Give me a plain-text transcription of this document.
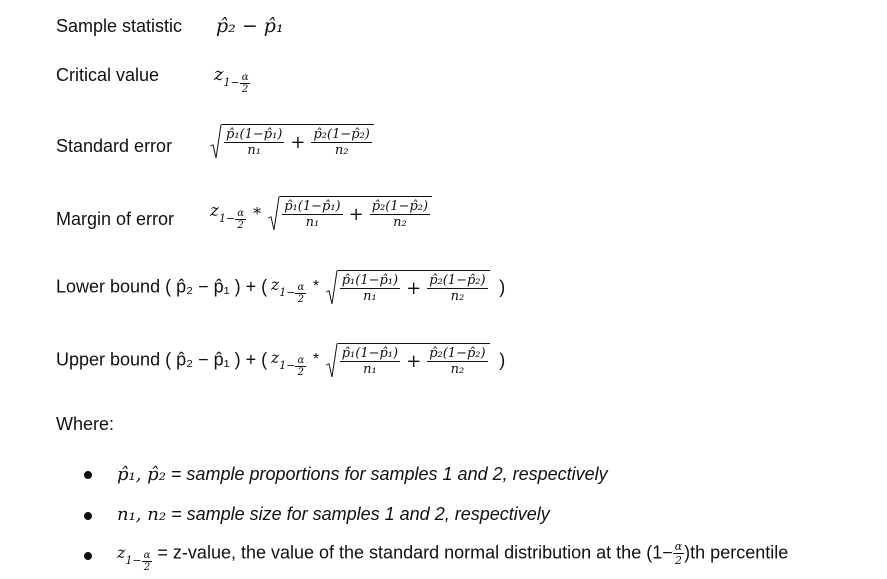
Sample statistic p̂₂ − p̂₁
Critical value	$z_{1- \frac{\alpha}{2}}$
Standard error	$\frac{\text{p̂₁(1−p̂₁)}}{\text{n₁}} + \frac{\text{p̂₂(1−p̂₂)}}{\text{n₂}}$
Margin of error $z_{1- \frac{\alpha}{2}} * \frac{\text{p̂₁(1−p̂₁)}}{\text{n₁}} + \frac{\text{p̂₂(1−p̂₂)}}{\text{n₂}}$
Lower bound ( p̂₂ − p̂₁ ) + ( $z_{1- \frac{\alpha}{2}} * \frac{\text{p̂₁(1−p̂₁)}}{\text{n₁}} + \frac{\text{p̂₂(1−p̂₂)}}{\text{n₂}}$ )
Upper bound ( p̂₂ − p̂₁ ) + ( $z_{1- \frac{\alpha}{2}} * \frac{\text{p̂₁(1−p̂₁)}}{\text{n₁}} + \frac{\text{p̂₂(1−p̂₂)}}{\text{n₂}}$ )
Where:
p̂₁, p̂₂ = sample proportions for samples 1 and 2, respectively
n₁, n₂ = sample size for samples 1 and 2, respectively
$z_{1- \frac{\alpha}{2}}$ = z-value, the value of the standard normal distribution at the $(1- \frac{\alpha}{2} )th$ percentile
